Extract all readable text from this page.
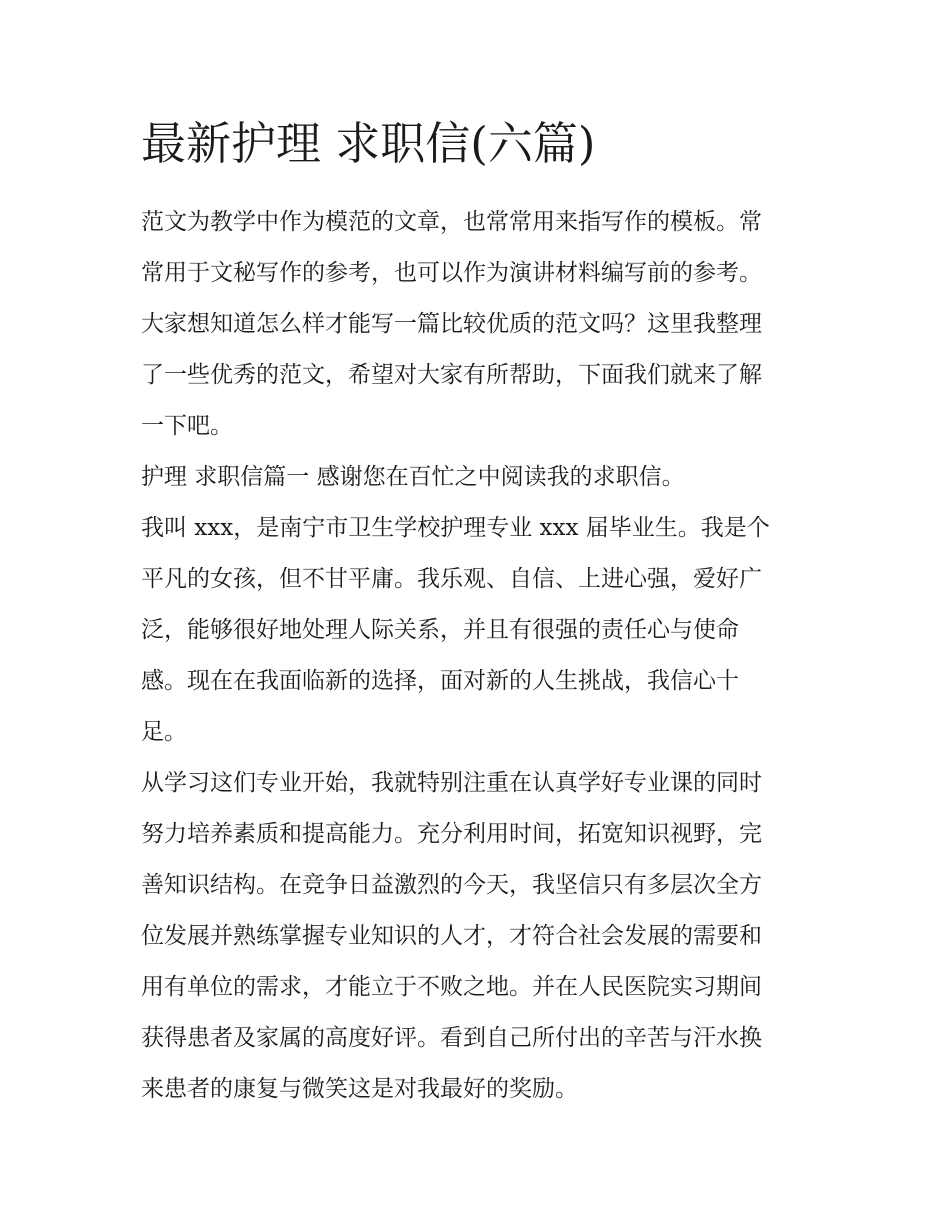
最新护理 求职信(六篇)
范文为教学中作为模范的文章，也常常用来指写作的模板。常
常用于文秘写作的参考，也可以作为演讲材料编写前的参考。
大家想知道怎么样才能写一篇比较优质的范文吗？这里我整理
了一些优秀的范文，希望对大家有所帮助，下面我们就来了解
一下吧。
护理 求职信篇一 感谢您在百忙之中阅读我的求职信。
我叫 xxx，是南宁市卫生学校护理专业 xxx 届毕业生。我是个
平凡的女孩，但不甘平庸。我乐观、自信、上进心强，爱好广
泛，能够很好地处理人际关系，并且有很强的责任心与使命
感。现在在我面临新的选择，面对新的人生挑战，我信心十
足。
从学习这们专业开始，我就特别注重在认真学好专业课的同时
努力培养素质和提高能力。充分利用时间，拓宽知识视野，完
善知识结构。在竞争日益激烈的今天，我坚信只有多层次全方
位发展并熟练掌握专业知识的人才，才符合社会发展的需要和
用有单位的需求，才能立于不败之地。并在人民医院实习期间
获得患者及家属的高度好评。看到自己所付出的辛苦与汗水换
来患者的康复与微笑这是对我最好的奖励。
